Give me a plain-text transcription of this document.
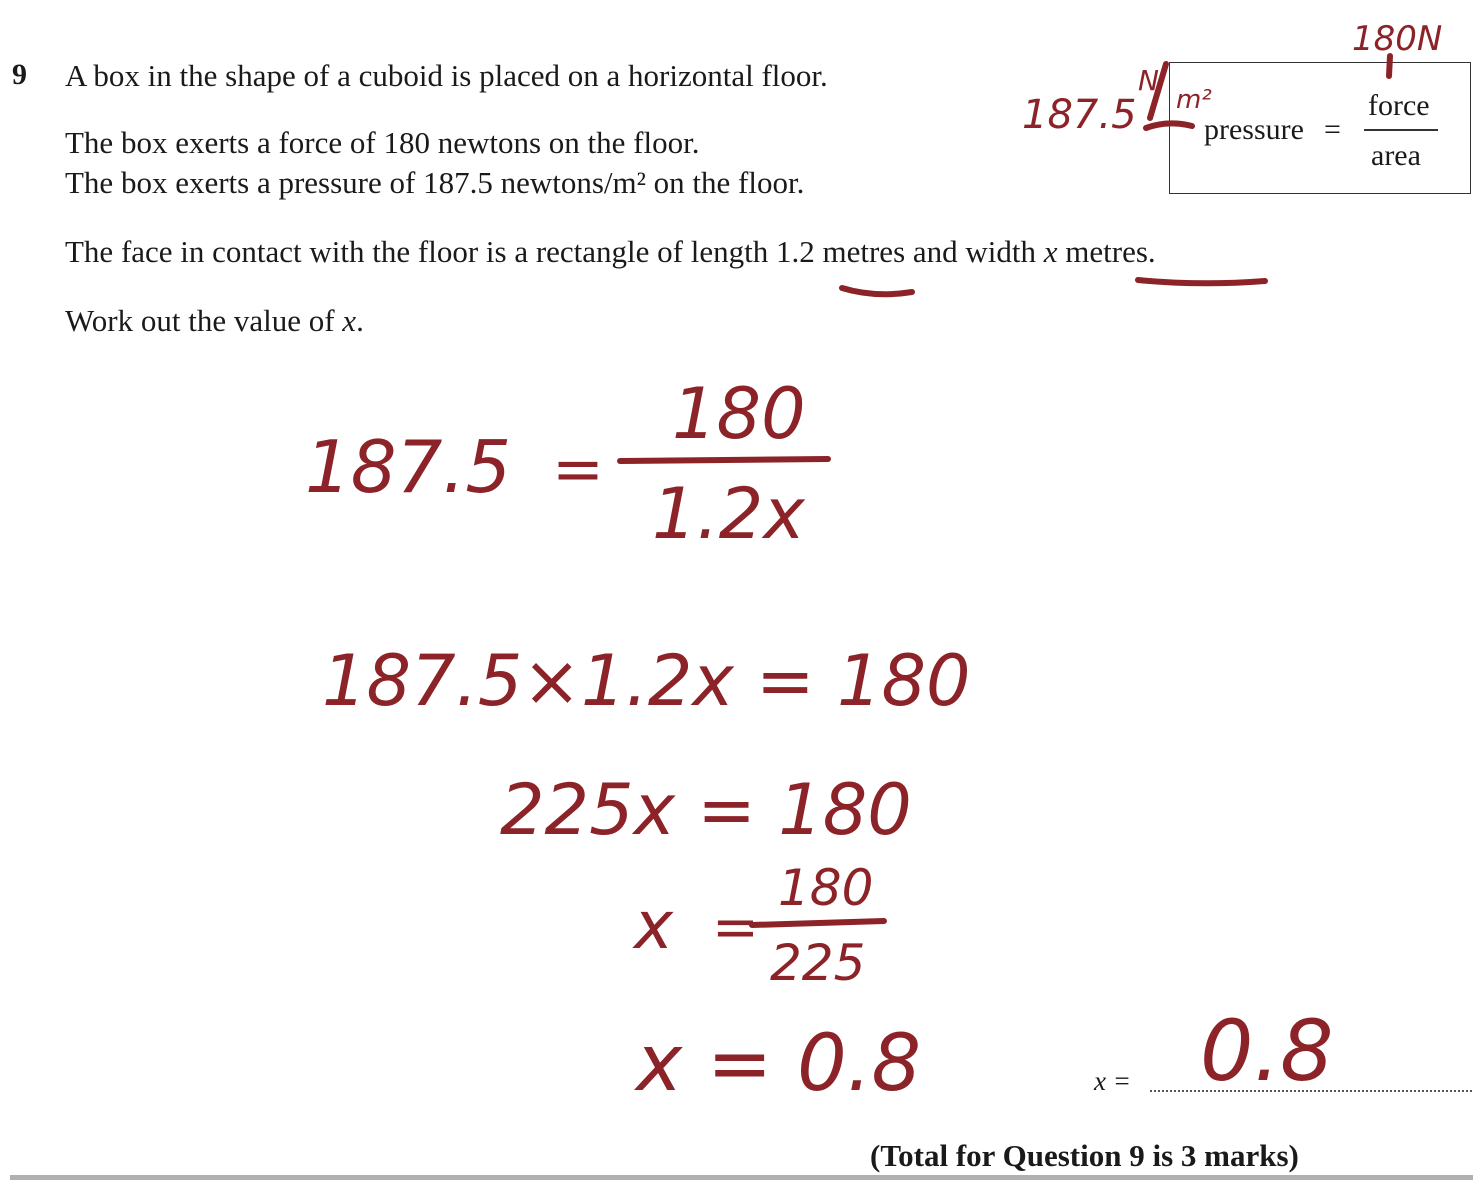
9 A box in the shape of a cuboid is placed on a horizontal floor.
The box exerts a force of 180 newtons on the floor.
The box exerts a pressure of 187.5 newtons/m² on the floor.
The face in contact with the floor is a rectangle of length 1.2 metres and width x metres.
Work out the value of x.
pressure =
force
area
x =
(Total for Question 9 is 3 marks)
180N
187.5
N
m²
187.5 =
180
1.2x
187.5×1.2x = 180
225x = 180
x =
180
225
x = 0.8	0.8
